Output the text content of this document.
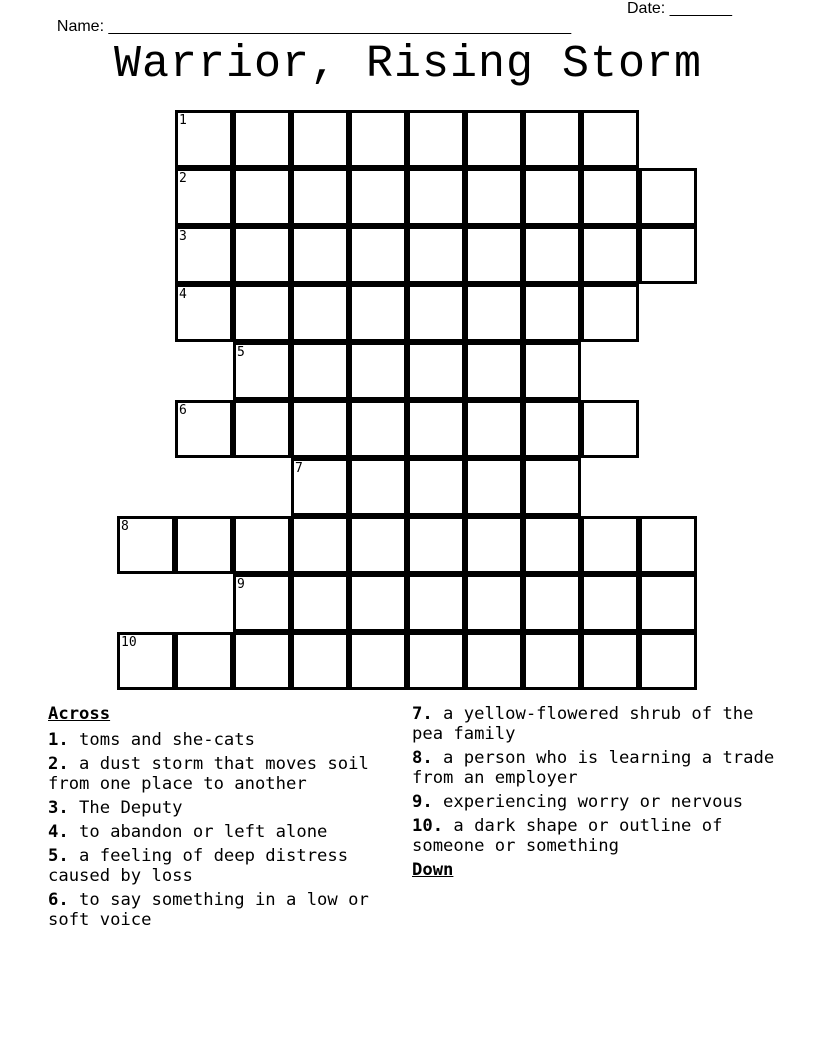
Name: ____________________________________________________

Date: _______

Warrior, Rising Storm
1
2
3
4
5
6
7
8
9
10
Across
1. toms and she-cats
2. a dust storm that moves soil from one place to another
3. The Deputy
4. to abandon or left alone
5. a feeling of deep distress caused by loss
6. to say something in a low or soft voice
7. a yellow-flowered shrub of the pea family
8. a person who is learning a trade from an employer
9. experiencing worry or nervous
10. a dark shape or outline of someone or something
Down
